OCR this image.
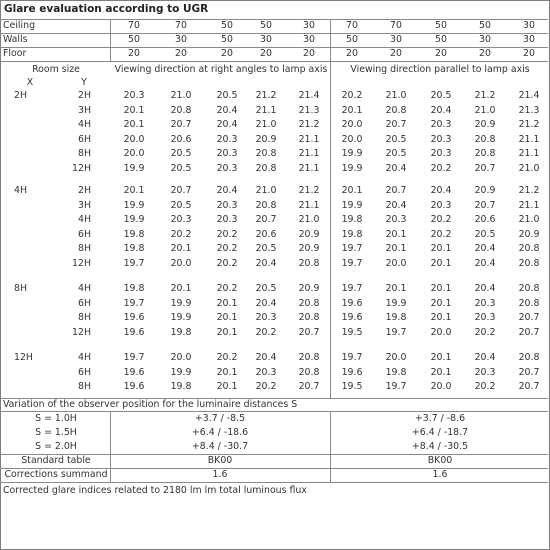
Ceiling	70	70	50	50	30	70	70	50	50	30
Walls	50	30	50	30	30	50	30	50	30	30
Floor	20	20	20	20	20	20	20	20	20	20
Room size
X	Y
Viewing direction at right angles to lamp axis Viewing direction parallel to lamp axis
2H	2H	20.3	21.0	20.5 21.2 21.4 20.2 21.0	20.5 21.2 21.4
3H	20.1	20.8	20.4 21.1 21.3 20.1 20.8	20.4 21.0 21.3
4H	20.1	20.7	20.4 21.0 21.2 20.0 20.7	20.3 20.9 21.2
6H	20.0	20.6	20.3 20.9 21.1 20.0 20.5	20.3 20.8 21.1
8H	20.0	20.5	20.3 20.8 21.1 19.9 20.5	20.3 20.8 21.1
12H	19.9	20.5	20.3 20.8 21.1 19.9 20.4	20.2 20.7 21.0
4H	2H	20.1	20.7	20.4 21.0 21.2 20.1 20.7	20.4 20.9 21.2
3H	19.9	20.5	20.3 20.8 21.1 19.9 20.4	20.3 20.7 21.1
4H	19.9	20.3	20.3 20.7 21.0 19.8 20.3	20.2 20.6 21.0
6H	19.8	20.2	20.2 20.6 20.9 19.8 20.1	20.2 20.5 20.9
8H	19.8	20.1	20.2 20.5 20.9 19.7 20.1	20.1 20.4 20.8
12H	19.7	20.0	20.2 20.4 20.8 19.7 20.0	20.1 20.4 20.8
8H	4H	19.8	20.1	20.2 20.5 20.9 19.7 20.1	20.1 20.4 20.8
6H	19.7	19.9	20.1 20.4 20.8 19.6 19.9	20.1 20.3 20.8
8H	19.6	19.9	20.1 20.3 20.8 19.6 19.8	20.1 20.3 20.7
12H	19.6	19.8	20.1 20.2 20.7 19.5 19.7	20.0 20.2 20.7
12H	4H	19.7	20.0	20.2 20.4 20.8 19.7 20.0	20.1 20.4 20.8
6H	19.6	19.9	20.1 20.3 20.8 19.6 19.8	20.1 20.3 20.7
8H	19.6	19.8	20.1 20.2 20.7 19.5 19.7	20.0 20.2 20.7
Variation of the observer position for the luminaire distances S
S = 1.0H	+3.7 / -8.5	+3.7 / -8.6
S = 1.5H	+6.4 / -18.6	+6.4 / -18.7
S = 2.0H	+8.4 / -30.7	+8.4 / -30.5
Standard table	BK00	BK00
Corrections summand	1.6	1.6
Corrected glare indices related to 2180 lm lm total luminous flux
Glare evaluation according to UGR
